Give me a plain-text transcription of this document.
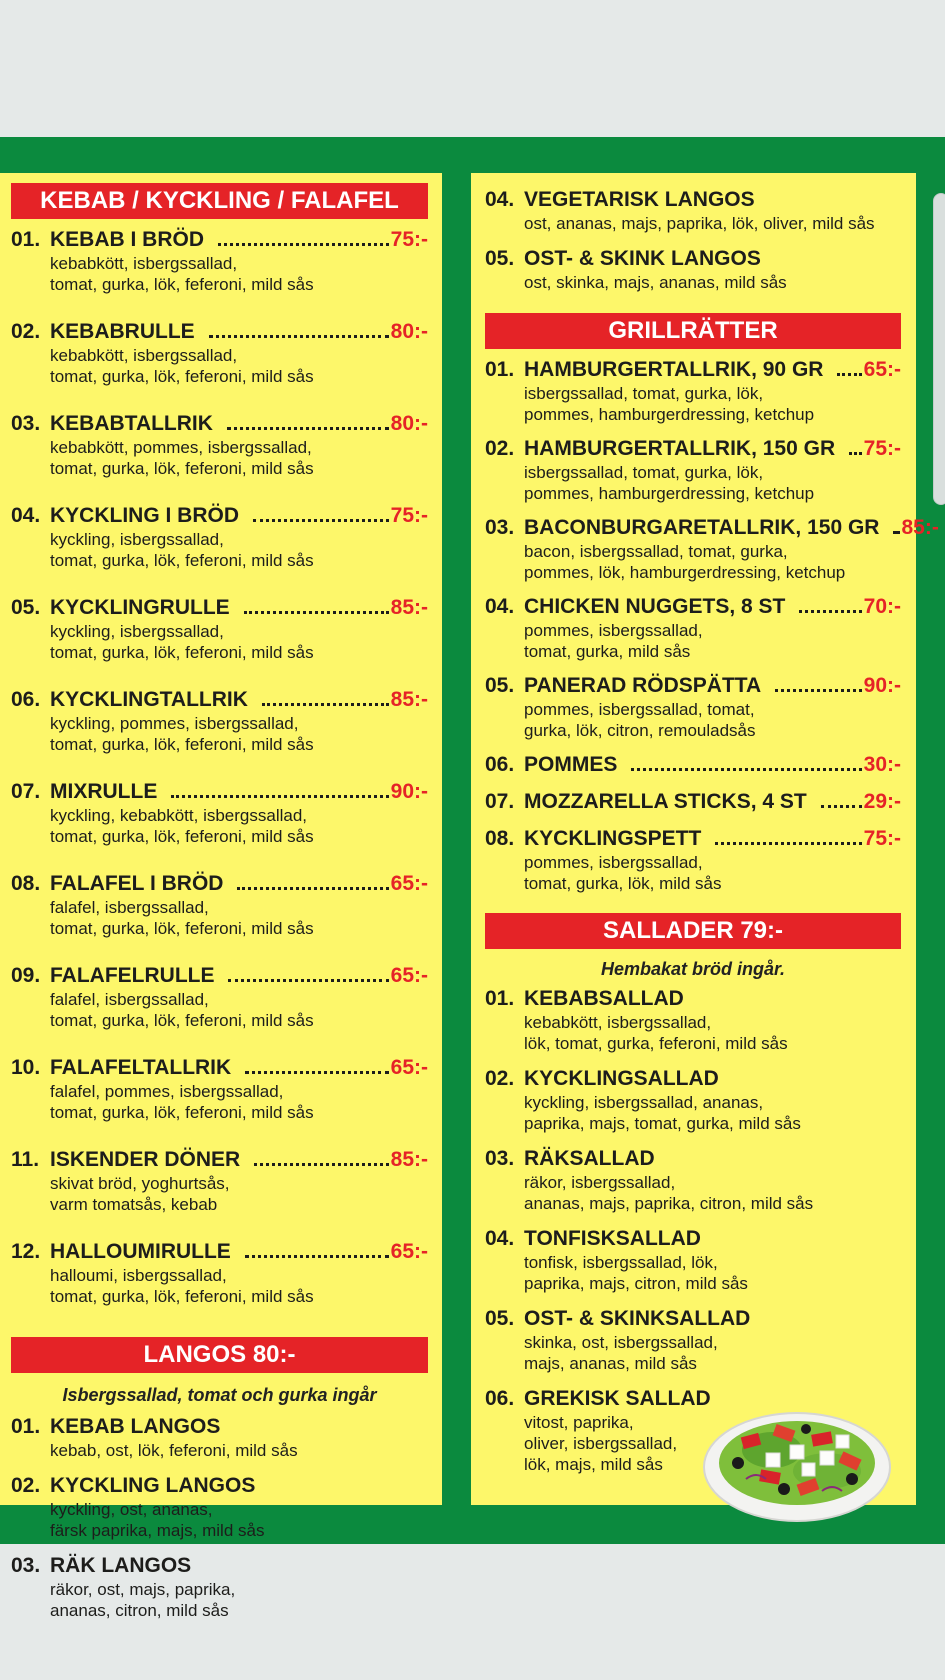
KEBAB / KYCKLING / FALAFEL
01. KEBAB I BRÖD	75:-
kebabkött, isbergssallad,
tomat, gurka, lök, feferoni, mild sås
02. KEBABRULLE	80:-
kebabkött, isbergssallad,
tomat, gurka, lök, feferoni, mild sås
03. KEBABTALLRIK	80:-
kebabkött, pommes, isbergssallad,
tomat, gurka, lök, feferoni, mild sås
04. KYCKLING I BRÖD	75:-
kyckling, isbergssallad,
tomat, gurka, lök, feferoni, mild sås
05. KYCKLINGRULLE	85:-
kyckling, isbergssallad,
tomat, gurka, lök, feferoni, mild sås
06. KYCKLINGTALLRIK	85:-
kyckling, pommes, isbergssallad,
tomat, gurka, lök, feferoni, mild sås
07. MIXRULLE	90:-
kyckling, kebabkött, isbergssallad,
tomat, gurka, lök, feferoni, mild sås
08. FALAFEL I BRÖD	65:-
falafel, isbergssallad,
tomat, gurka, lök, feferoni, mild sås
09. FALAFELRULLE	65:-
falafel, isbergssallad,
tomat, gurka, lök, feferoni, mild sås
10. FALAFELTALLRIK	65:-
falafel, pommes, isbergssallad,
tomat, gurka, lök, feferoni, mild sås
11. ISKENDER DÖNER	85:-
skivat bröd, yoghurtsås,
varm tomatsås, kebab
12. HALLOUMIRULLE	65:-
halloumi, isbergssallad,
tomat, gurka, lök, feferoni, mild sås
LANGOS 80:-
Isbergssallad, tomat och gurka ingår
01. KEBAB LANGOS
kebab, ost, lök, feferoni, mild sås
02. KYCKLING LANGOS
kyckling, ost, ananas,
färsk paprika, majs, mild sås
03. RÄK LANGOS
räkor, ost, majs, paprika,
ananas, citron, mild sås
04. VEGETARISK LANGOS
ost, ananas, majs, paprika, lök, oliver, mild sås
05. OST- & SKINK LANGOS
ost, skinka, majs, ananas, mild sås
GRILLRÄTTER
01. HAMBURGERTALLRIK, 90 GR 65:-
isbergssallad, tomat, gurka, lök,
pommes, hamburgerdressing, ketchup
02. HAMBURGERTALLRIK, 150 GR 75:-
isbergssallad, tomat, gurka, lök,
pommes, hamburgerdressing, ketchup
03. BACONBURGARETALLRIK, 150 GR 85:-
bacon, isbergssallad, tomat, gurka,
pommes, lök, hamburgerdressing, ketchup
04. CHICKEN NUGGETS, 8 ST	70:-
pommes, isbergssallad,
tomat, gurka, mild sås
05. PANERAD RÖDSPÄTTA	90:-
pommes, isbergssallad, tomat,
gurka, lök, citron, remouladsås
06. POMMES	30:-
07. MOZZARELLA STICKS, 4 ST	29:-
08. KYCKLINGSPETT	75:-
pommes, isbergssallad,
tomat, gurka, lök, mild sås
SALLADER 79:-
Hembakat bröd ingår.
01. KEBABSALLAD
kebabkött, isbergssallad,
lök, tomat, gurka, feferoni, mild sås
02. KYCKLINGSALLAD
kyckling, isbergssallad, ananas,
paprika, majs, tomat, gurka, mild sås
03. RÄKSALLAD
räkor, isbergssallad,
ananas, majs, paprika, citron, mild sås
04. TONFISKSALLAD
tonfisk, isbergssallad, lök,
paprika, majs, citron, mild sås
05. OST- & SKINKSALLAD
skinka, ost, isbergssallad,
majs, ananas, mild sås
06. GREKISK SALLAD
vitost, paprika,
oliver, isbergssallad,
lök, majs, mild sås
